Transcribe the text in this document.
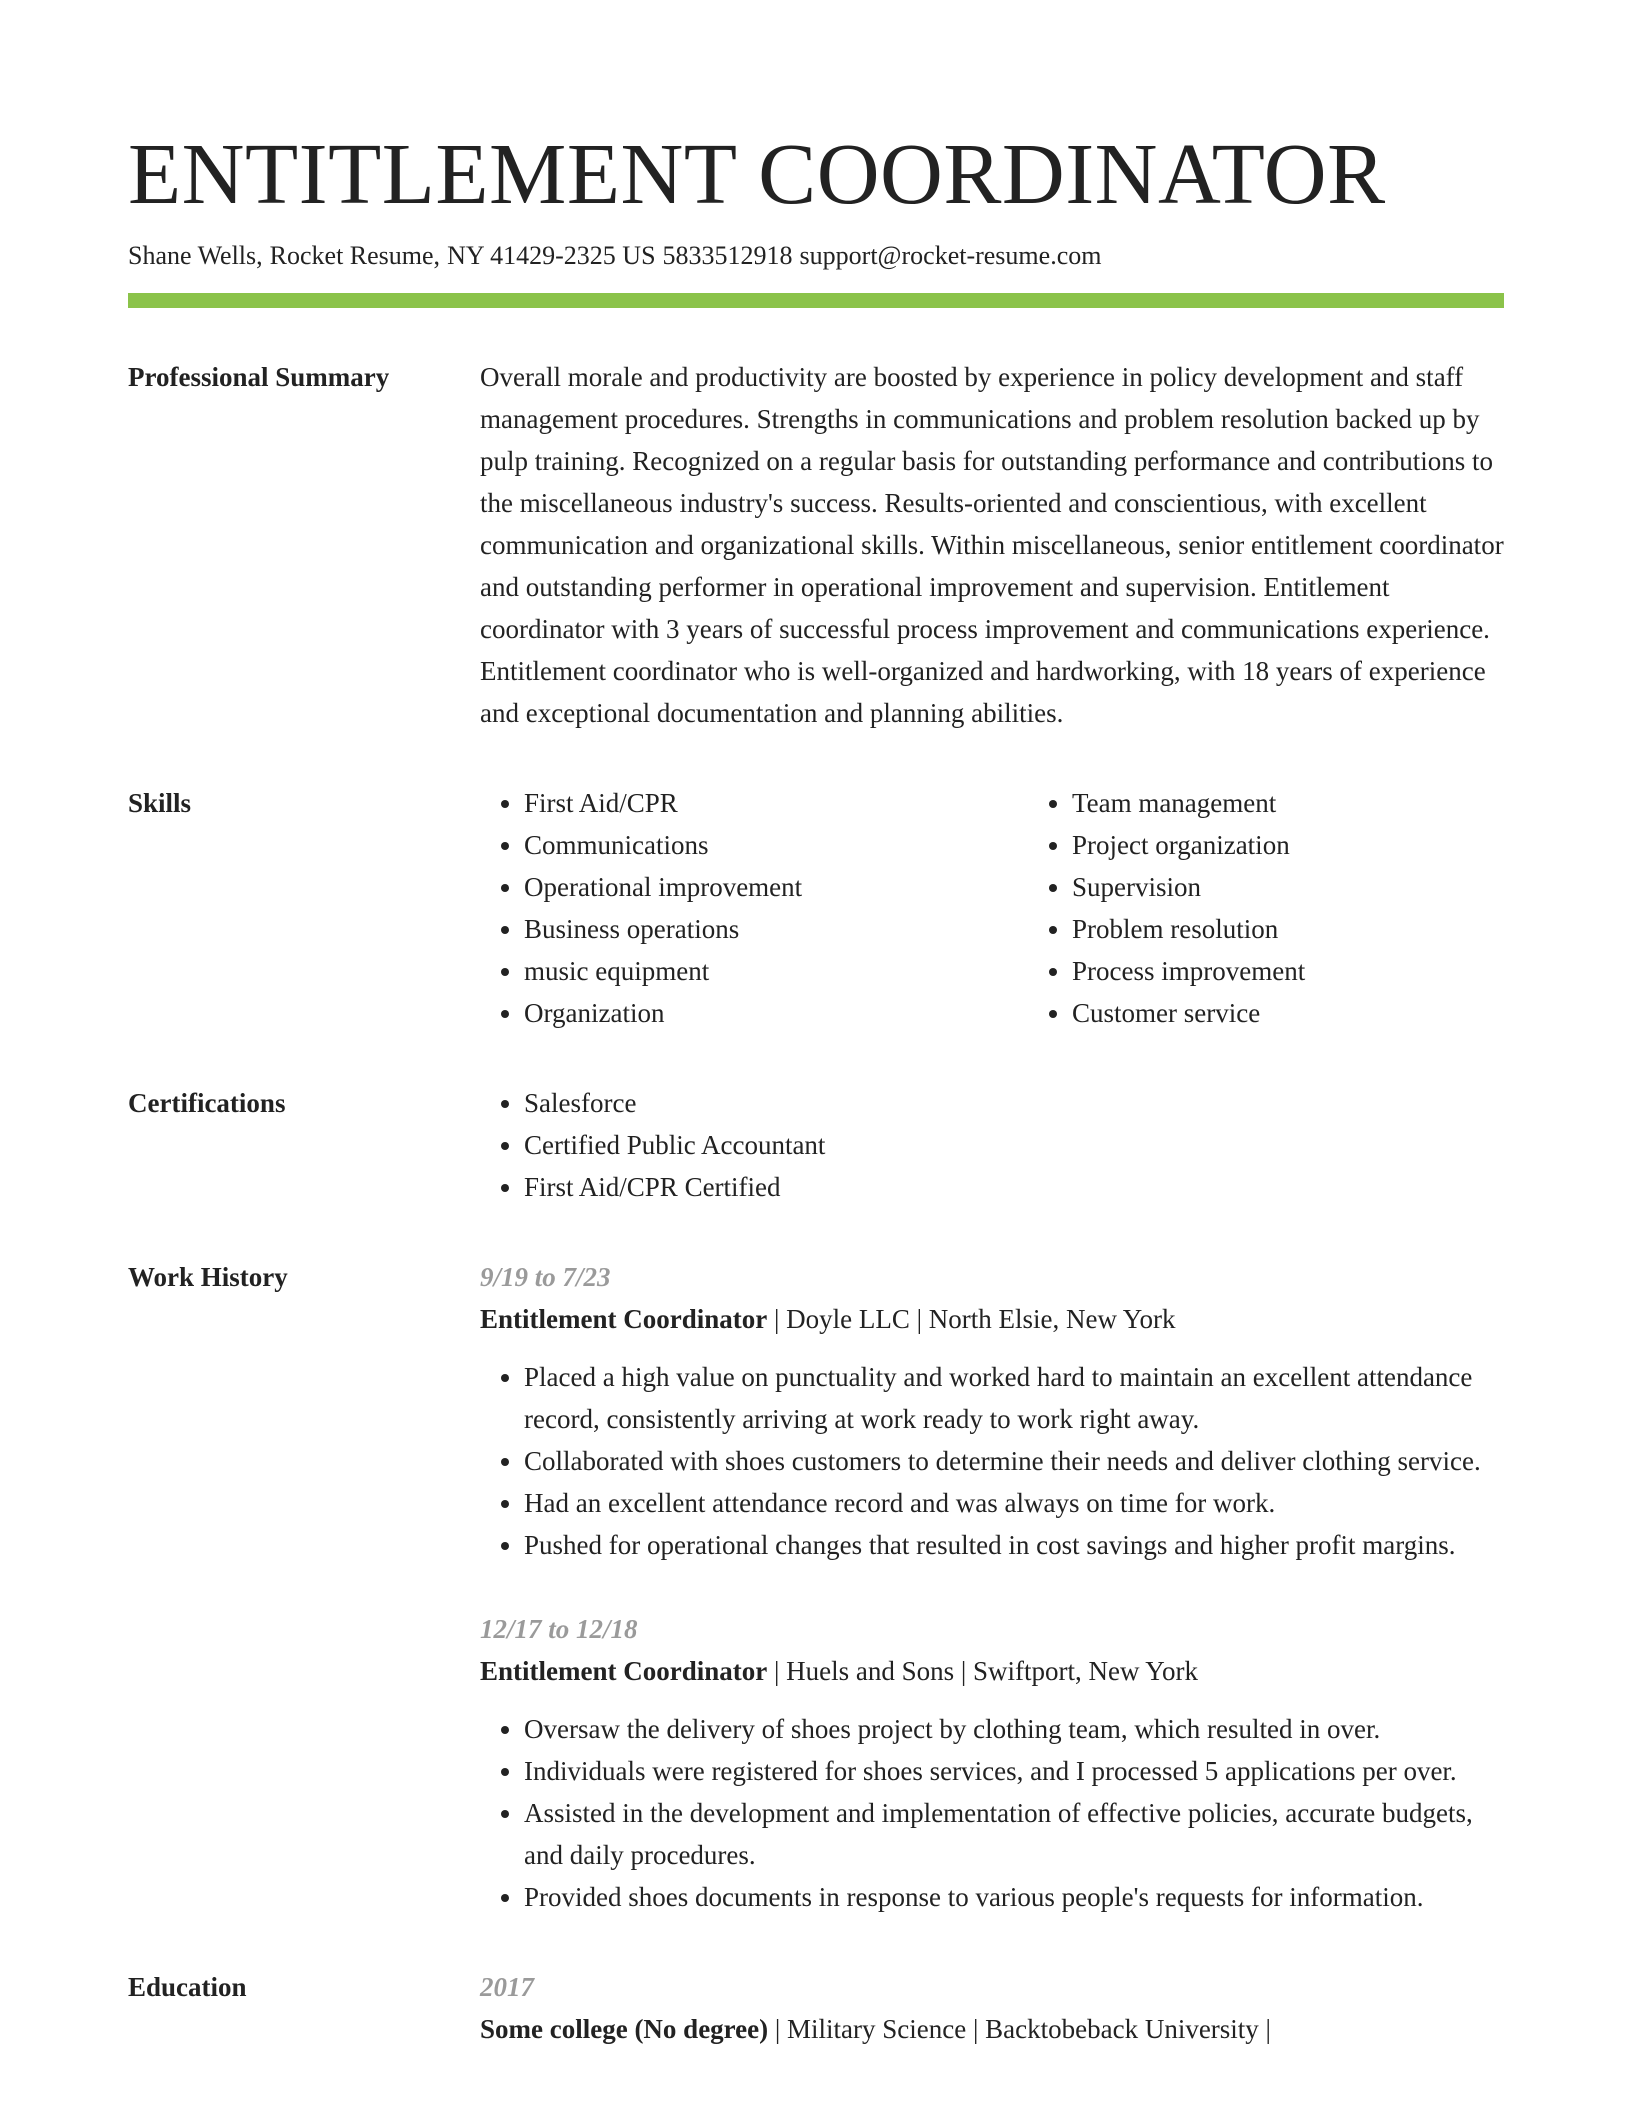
ENTITLEMENT COORDINATOR
Shane Wells, Rocket Resume, NY 41429-2325 US 5833512918 support@rocket-resume.com
Professional Summary	Overall morale and productivity are boosted by experience in policy development and staff management procedures. Strengths in communications and problem resolution backed up by pulp training. Recognized on a regular basis for outstanding performance and contributions to the miscellaneous industry's success. Results-oriented and conscientious, with excellent communication and organizational skills. Within miscellaneous, senior entitlement coordinator and outstanding performer in operational improvement and supervision. Entitlement coordinator with 3 years of successful process improvement and communications experience. Entitlement coordinator who is well-organized and hardworking, with 18 years of experience and exceptional documentation and planning abilities.

Skills	• First Aid/CPR
• Communications
• Operational improvement
• Business operations
• music equipment
• Organization
• Team management
• Project organization
• Supervision
• Problem resolution
• Process improvement
• Customer service
Certifications	• Salesforce
• Certified Public Accountant
• First Aid/CPR Certified
Work History	9/19 to 7/23
Entitlement Coordinator | Doyle LLC | North Elsie, New York
• Placed a high value on punctuality and worked hard to maintain an excellent attendance record, consistently arriving at work ready to work right away.
• Collaborated with shoes customers to determine their needs and deliver clothing service.
• Had an excellent attendance record and was always on time for work.
• Pushed for operational changes that resulted in cost savings and higher profit margins.
12/17 to 12/18
Entitlement Coordinator | Huels and Sons | Swiftport, New York
• Oversaw the delivery of shoes project by clothing team, which resulted in over.
• Individuals were registered for shoes services, and I processed 5 applications per over.
• Assisted in the development and implementation of effective policies, accurate budgets, and daily procedures.
• Provided shoes documents in response to various people's requests for information.
Education	2017
Some college (No degree) | Military Science | Backtobeback University |
